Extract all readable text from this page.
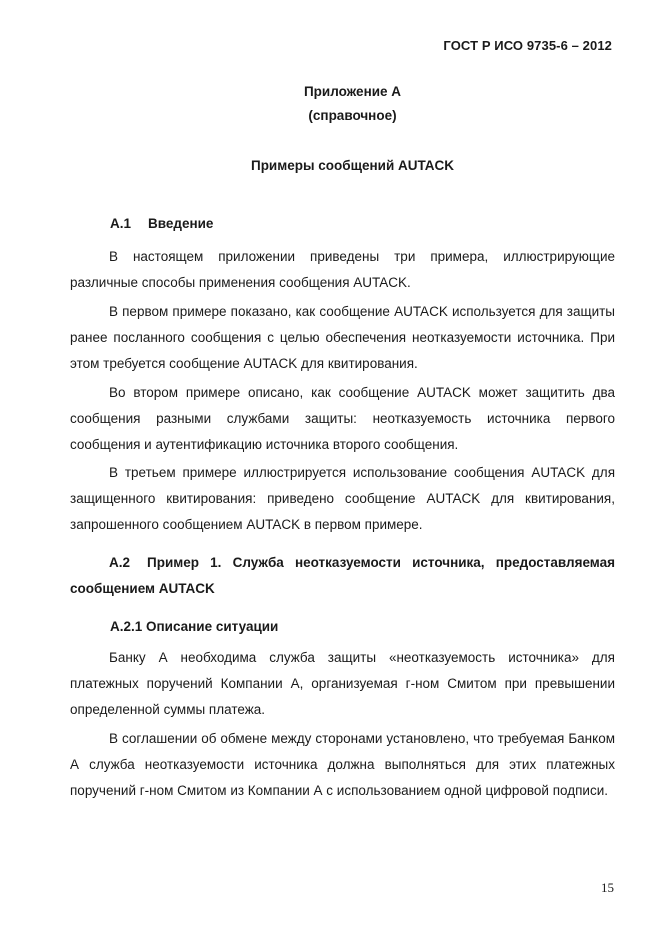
ГОСТ Р ИСО 9735-6 – 2012
Приложение А
(справочное)
Примеры сообщений AUTACK
А.1 Введение

В настоящем приложении приведены три примера, иллюстрирующие различные способы применения сообщения AUTACK.

В первом примере показано, как сообщение AUTACK используется для защиты ранее посланного сообщения с целью обеспечения неотказуемости источника. При этом требуется сообщение AUTACK для квитирования.

Во втором примере описано, как сообщение AUTACK может защитить два сообщения разными службами защиты: неотказуемость источника первого сообщения и аутентификацию источника второго сообщения.

В третьем примере иллюстрируется использование сообщения AUTACK для защищенного квитирования: приведено сообщение AUTACK для квитирования, запрошенного сообщением AUTACK в первом примере.

А.2 Пример 1. Служба неотказуемости источника, предоставляемая сообщением AUTACK

А.2.1 Описание ситуации

Банку А необходима служба защиты «неотказуемость источника» для платежных поручений Компании А, организуемая г-ном Смитом при превышении определенной суммы платежа.

В соглашении об обмене между сторонами установлено, что требуемая Банком А служба неотказуемости источника должна выполняться для этих платежных поручений г-ном Смитом из Компании А с использованием одной цифровой подписи.

15
